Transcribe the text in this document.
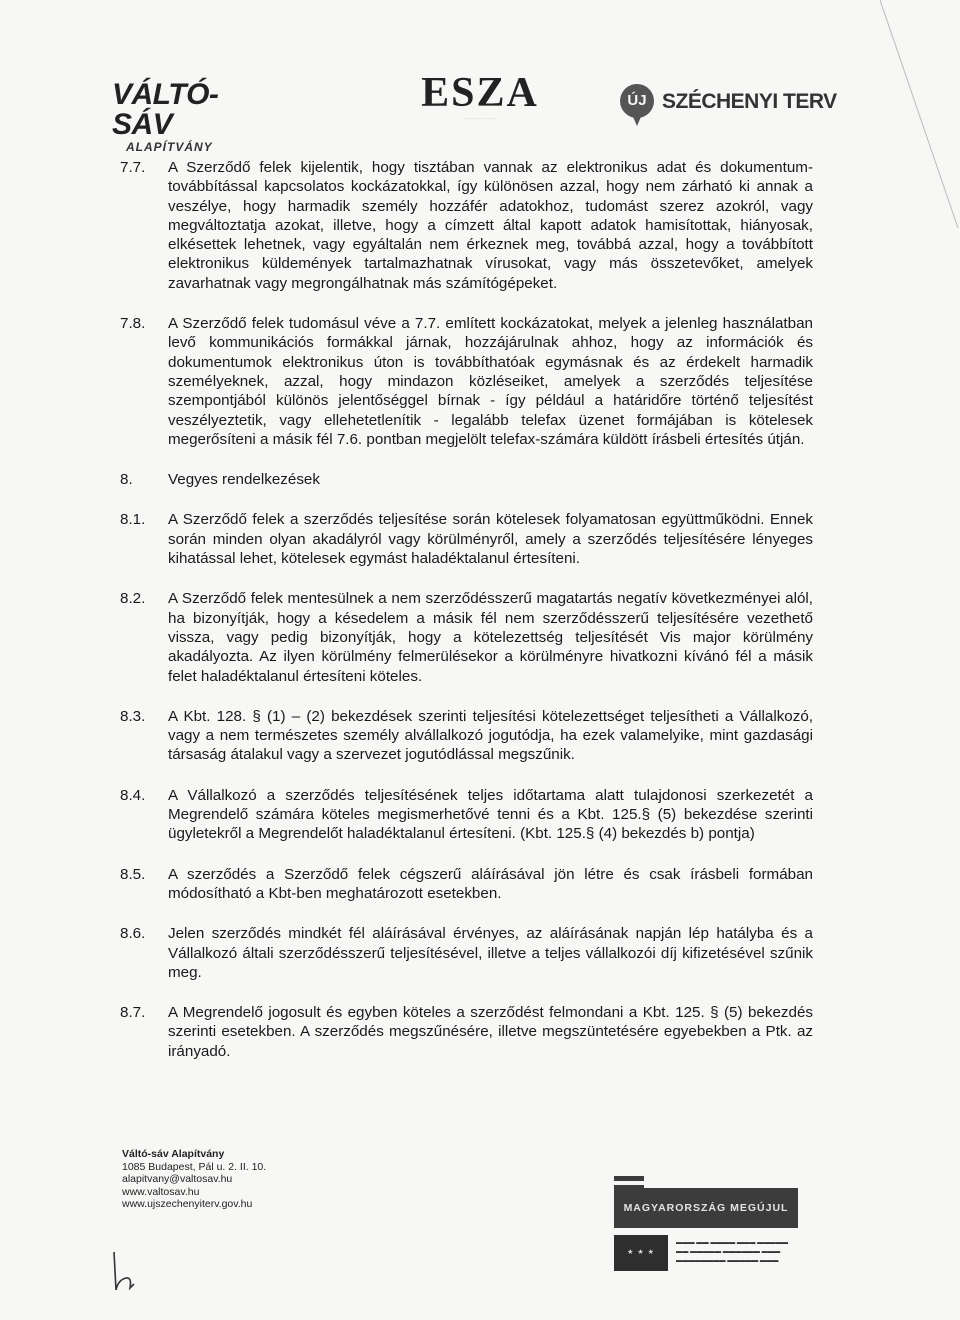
VÁLTÓ-SÁV
ALAPÍTVÁNY
ESZA
· · · · · · · · · · ·
ÚJ SZÉCHENYI TERV
7.7.	A Szerződő felek kijelentik, hogy tisztában vannak az elektronikus adat és dokumentum-továbbítással kapcsolatos kockázatokkal, így különösen azzal, hogy nem zárható ki annak a veszélye, hogy harmadik személy hozzáfér adatokhoz, tudomást szerez azokról, vagy megváltoztatja azokat, illetve, hogy a címzett által kapott adatok hamisítottak, hiányosak, elkésettek lehetnek, vagy egyáltalán nem érkeznek meg, továbbá azzal, hogy a továbbított elektronikus küldemények tartalmazhatnak vírusokat, vagy más összetevőket, amelyek zavarhatnak vagy megrongálhatnak más számítógépeket.
7.8.	A Szerződő felek tudomásul véve a 7.7. említett kockázatokat, melyek a jelenleg használatban levő kommunikációs formákkal járnak, hozzájárulnak ahhoz, hogy az információk és dokumentumok elektronikus úton is továbbíthatóak egymásnak és az érdekelt harmadik személyeknek, azzal, hogy mindazon közléseiket, amelyek a szerződés teljesítése szempontjából különös jelentőséggel bírnak - így például a határidőre történő teljesítést veszélyeztetik, vagy ellehetetlenítik - legalább telefax üzenet formájában is kötelesek megerősíteni a másik fél 7.6. pontban megjelölt telefax-számára küldött írásbeli értesítés útján.
8.	Vegyes rendelkezések
8.1.	A Szerződő felek a szerződés teljesítése során kötelesek folyamatosan együttműködni. Ennek során minden olyan akadályról vagy körülményről, amely a szerződés teljesítésére lényeges kihatással lehet, kötelesek egymást haladéktalanul értesíteni.
8.2.	A Szerződő felek mentesülnek a nem szerződésszerű magatartás negatív következményei alól, ha bizonyítják, hogy a késedelem a másik fél nem szerződésszerű teljesítésére vezethető vissza, vagy pedig bizonyítják, hogy a kötelezettség teljesítését Vis major körülmény akadályozta. Az ilyen körülmény felmerülésekor a körülményre hivatkozni kívánó fél a másik felet haladéktalanul értesíteni köteles.
8.3.	A Kbt. 128. § (1) – (2) bekezdések szerinti teljesítési kötelezettséget teljesítheti a Vállalkozó, vagy a nem természetes személy alvállalkozó jogutódja, ha ezek valamelyike, mint gazdasági társaság átalakul vagy a szervezet jogutódlással megszűnik.
8.4.	A Vállalkozó a szerződés teljesítésének teljes időtartama alatt tulajdonosi szerkezetét a Megrendelő számára köteles megismerhetővé tenni és a Kbt. 125.§ (5) bekezdése szerinti ügyletekről a Megrendelőt haladéktalanul értesíteni. (Kbt. 125.§ (4) bekezdés b) pontja)
8.5.	A szerződés a Szerződő felek cégszerű aláírásával jön létre és csak írásbeli formában módosítható a Kbt-ben meghatározott esetekben.
8.6.	Jelen szerződés mindkét fél aláírásával érvényes, az aláírásának napján lép hatályba és a Vállalkozó általi szerződésszerű teljesítésével, illetve a teljes vállalkozói díj kifizetésével szűnik meg.
8.7.	A Megrendelő jogosult és egyben köteles a szerződést felmondani a Kbt. 125. § (5) bekezdés szerinti esetekben. A szerződés megszűnésére, illetve megszüntetésére egyebekben a Ptk. az irányadó.
Váltó-sáv Alapítvány
1085 Budapest, Pál u. 2. II. 10.
alapitvany@valtosav.hu
www.valtosav.hu
www.ujszechenyiterv.gov.hu	MAGYARORSZÁG MEGÚJUL
★ ★ ★
▬▬▬ ▬▬ ▬▬▬▬ ▬▬▬ ▬▬▬▬▬
▬▬ ▬▬▬▬▬ ▬▬▬▬▬▬ ▬▬▬
▬▬▬▬▬▬▬▬ ▬▬▬▬▬ ▬▬▬
